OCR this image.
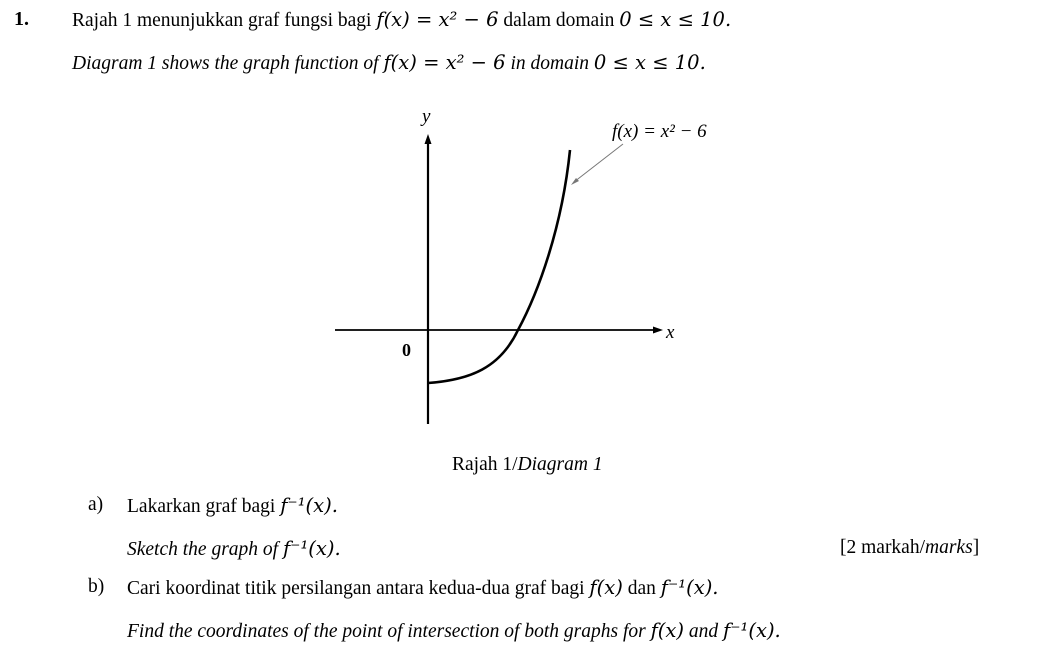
1. Rajah 1 menunjukkan graf fungsi bagi f(x) = x² − 6 dalam domain 0 ≤ x ≤ 10.
Diagram 1 shows the graph function of f(x) = x² − 6 in domain 0 ≤ x ≤ 10.
y
x
0
f(x) = x² − 6
Rajah 1/Diagram 1
a) Lakarkan graf bagi f⁻¹(x).
Sketch the graph of f⁻¹(x).	[2 markah/marks]
b) Cari koordinat titik persilangan antara kedua-dua graf bagi f(x) dan f⁻¹(x).
Find the coordinates of the point of intersection of both graphs for f(x) and f⁻¹(x).
